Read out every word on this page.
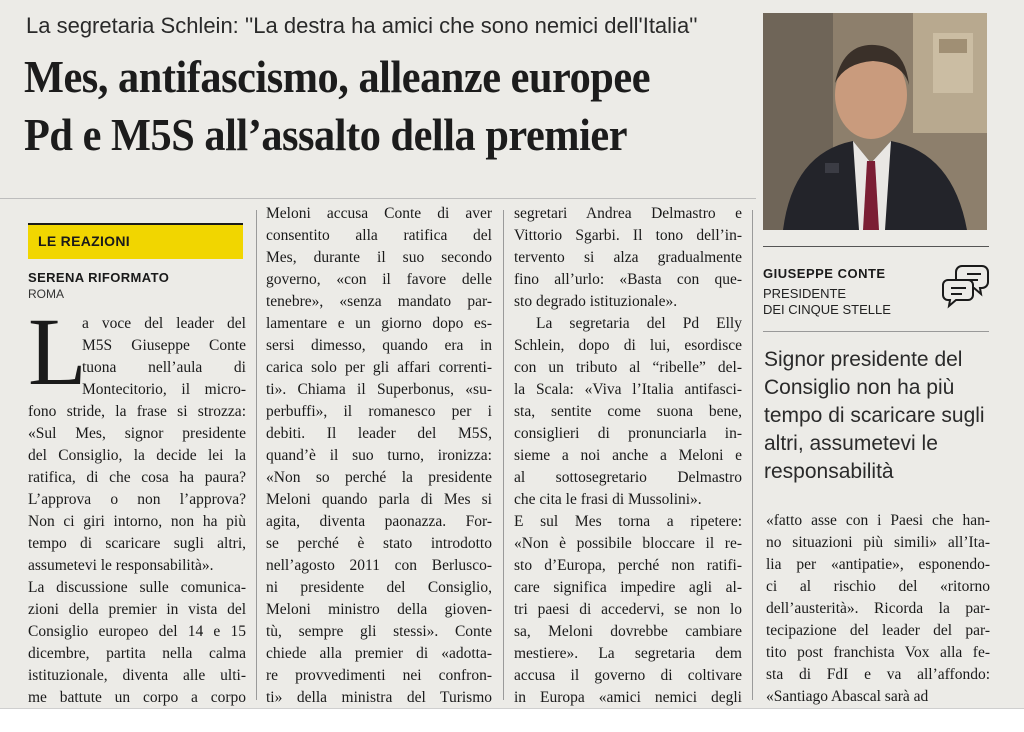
La segretaria Schlein: ''La destra ha amici che sono nemici dell'Italia''
Mes, antifascismo, alleanze europee
Pd e M5S all’assalto della premier
LE REAZIONI
SERENA RIFORMATO
ROMA
L
a voce del leader del
M5S Giuseppe Conte
tuona nell’aula di
Montecitorio, il micro-
fono stride, la frase si strozza:
«Sul Mes, signor presidente
del Consiglio, la decide lei la
ratifica, di che cosa ha paura?
L’approva o non l’approva?
Non ci giri intorno, non ha più
tempo di scaricare sugli altri,
assumetevi le responsabilità».
La discussione sulle comunica-
zioni della premier in vista del
Consiglio europeo del 14 e 15
dicembre, partita nella calma
istituzionale, diventa alle ulti-
me battute un corpo a corpo
Meloni accusa Conte di aver
consentito alla ratifica del
Mes, durante il suo secondo
governo, «con il favore delle
tenebre», «senza mandato par-
lamentare e un giorno dopo es-
sersi dimesso, quando era in
carica solo per gli affari correnti-
ti». Chiama il Superbonus, «su-
perbuffi», il romanesco per i
debiti. Il leader del M5S,
quand’è il suo turno, ironizza:
«Non so perché la presidente
Meloni quando parla di Mes si
agita, diventa paonazza. For-
se perché è stato introdotto
nell’agosto 2011 con Berlusco-
ni presidente del Consiglio,
Meloni ministro della gioven-
tù, sempre gli stessi». Conte
chiede alla premier di «adotta-
re provvedimenti nei confron-
ti» della ministra del Turismo
segretari Andrea Delmastro e
Vittorio Sgarbi. Il tono dell’in-
tervento si alza gradualmente
fino all’urlo: «Basta con que-
sto degrado istituzionale».
La segretaria del Pd Elly
Schlein, dopo di lui, esordisce
con un tributo al “ribelle” del-
la Scala: «Viva l’Italia antifasci-
sta, sentite come suona bene,
consiglieri di pronunciarla in-
sieme a noi anche a Meloni e
al sottosegretario Delmastro
che cita le frasi di Mussolini».
E sul Mes torna a ripetere:
«Non è possibile bloccare il re-
sto d’Europa, perché non ratifi-
care significa impedire agli al-
tri paesi di accedervi, se non lo
sa, Meloni dovrebbe cambiare
mestiere». La segretaria dem
accusa il governo di coltivare
in Europa «amici nemici degli
GIUSEPPE CONTE
PRESIDENTE
DEI CINQUE STELLE
Signor presidente del Consiglio non ha più tempo di scaricare sugli altri, assumetevi le responsabilità
«fatto asse con i Paesi che han-
no situazioni più simili» all’Ita-
lia per «antipatie», esponendo-
ci al rischio del «ritorno
dell’austerità». Ricorda la par-
tecipazione del leader del par-
tito post franchista Vox alla fe-
sta di FdI e va all’affondo:
«Santiago Abascal sarà ad
